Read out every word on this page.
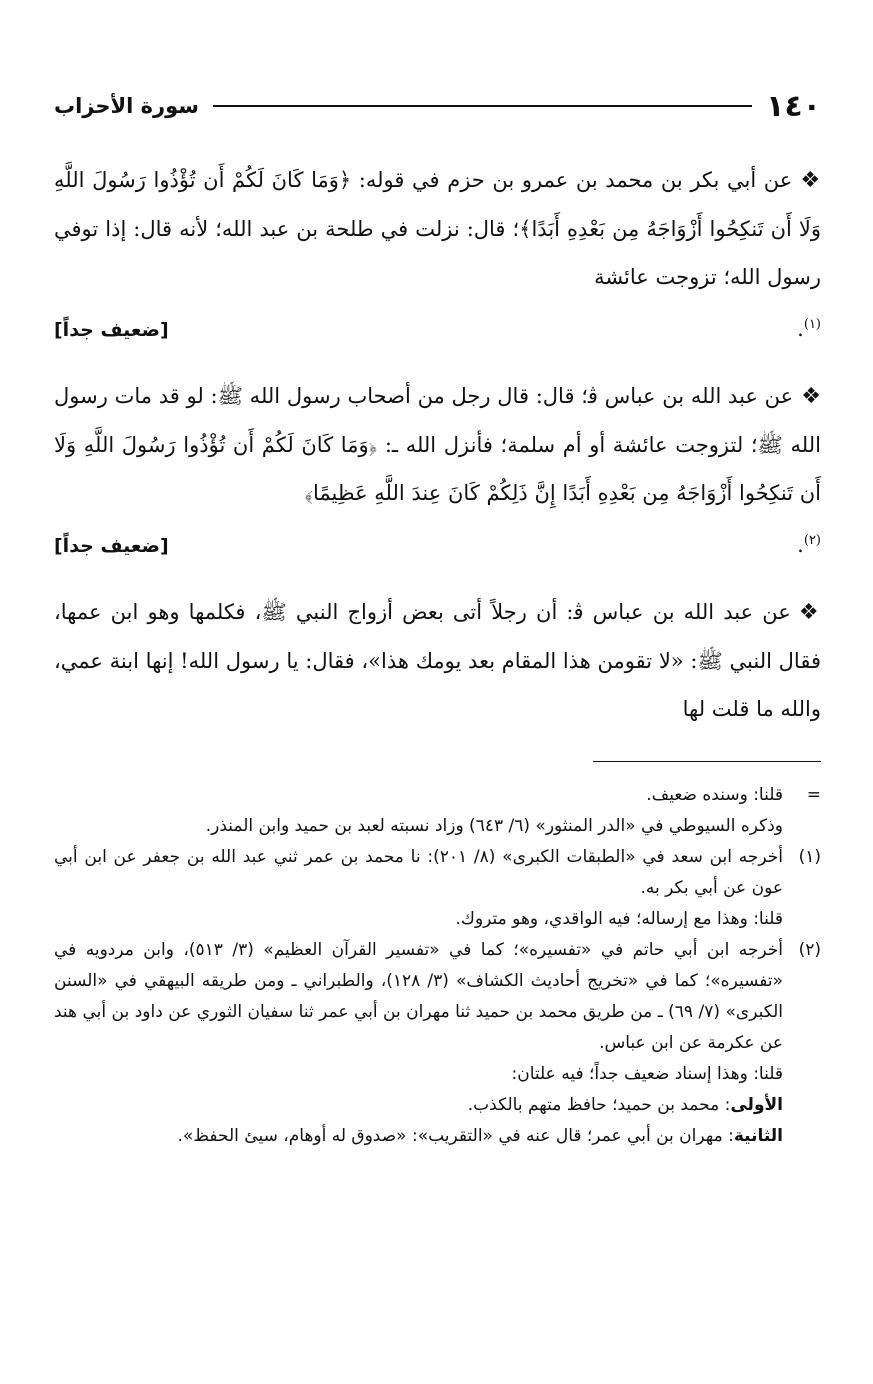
١٤٠
سورة الأحزاب

❖عن أبي بكر بن محمد بن عمرو بن حزم في قوله: ﴿وَمَا كَانَ لَكُمْ أَن تُؤْذُوا رَسُولَ اللَّهِ وَلَا أَن تَنكِحُوا أَزْوَاجَهُ مِن بَعْدِهِ أَبَدًا﴾؛ قال: نزلت في طلحة بن عبد الله؛ لأنه قال: إذا توفي رسول الله؛ تزوجت عائشة

$^{(١)}$.
[ضعيف جداً]

❖عن عبد الله بن عباس ﭬ؛ قال: قال رجل من أصحاب رسول الله ﷺ: لو قد مات رسول الله ﷺ؛ لتزوجت عائشة أو أم سلمة؛ فأنزل الله ـ: ﴿وَمَا كَانَ لَكُمْ أَن تُؤْذُوا رَسُولَ اللَّهِ وَلَا أَن تَنكِحُوا أَزْوَاجَهُ مِن بَعْدِهِ أَبَدًا إِنَّ ذَلِكُمْ كَانَ عِندَ اللَّهِ عَظِيمًا﴾

$^{(٢)}$.
[ضعيف جداً]

❖عن عبد الله بن عباس ﭬ: أن رجلاً أتى بعض أزواج النبي ﷺ، فكلمها وهو ابن عمها، فقال النبي ﷺ: «لا تقومن هذا المقام بعد يومك هذا»، فقال: يا رسول الله! إنها ابنة عمي، والله ما قلت لها

=

قلنا: وسنده ضعيف.

وذكره السيوطي في «الدر المنثور» (٦/ ٦٤٣) وزاد نسبته لعبد بن حميد وابن المنذر.

(١)

أخرجه ابن سعد في «الطبقات الكبرى» (٨/ ٢٠١): نا محمد بن عمر ثني عبد الله بن جعفر عن ابن أبي عون عن أبي بكر به.

قلنا: وهذا مع إرساله؛ فيه الواقدي، وهو متروك.

(٢)

أخرجه ابن أبي حاتم في «تفسيره»؛ كما في «تفسير القرآن العظيم» (٣/ ٥١٣)، وابن مردويه في «تفسيره»؛ كما في «تخريج أحاديث الكشاف» (٣/ ١٢٨)، والطبراني ـ ومن طريقه البيهقي في «السنن الكبرى» (٧/ ٦٩) ـ من طريق محمد بن حميد ثنا مهران بن أبي عمر ثنا سفيان الثوري عن داود بن أبي هند عن عكرمة عن ابن عباس.

قلنا: وهذا إسناد ضعيف جداً؛ فيه علتان:

الأولى: محمد بن حميد؛ حافظ متهم بالكذب.

الثانية: مهران بن أبي عمر؛ قال عنه في «التقريب»: «صدوق له أوهام، سيئ الحفظ».
